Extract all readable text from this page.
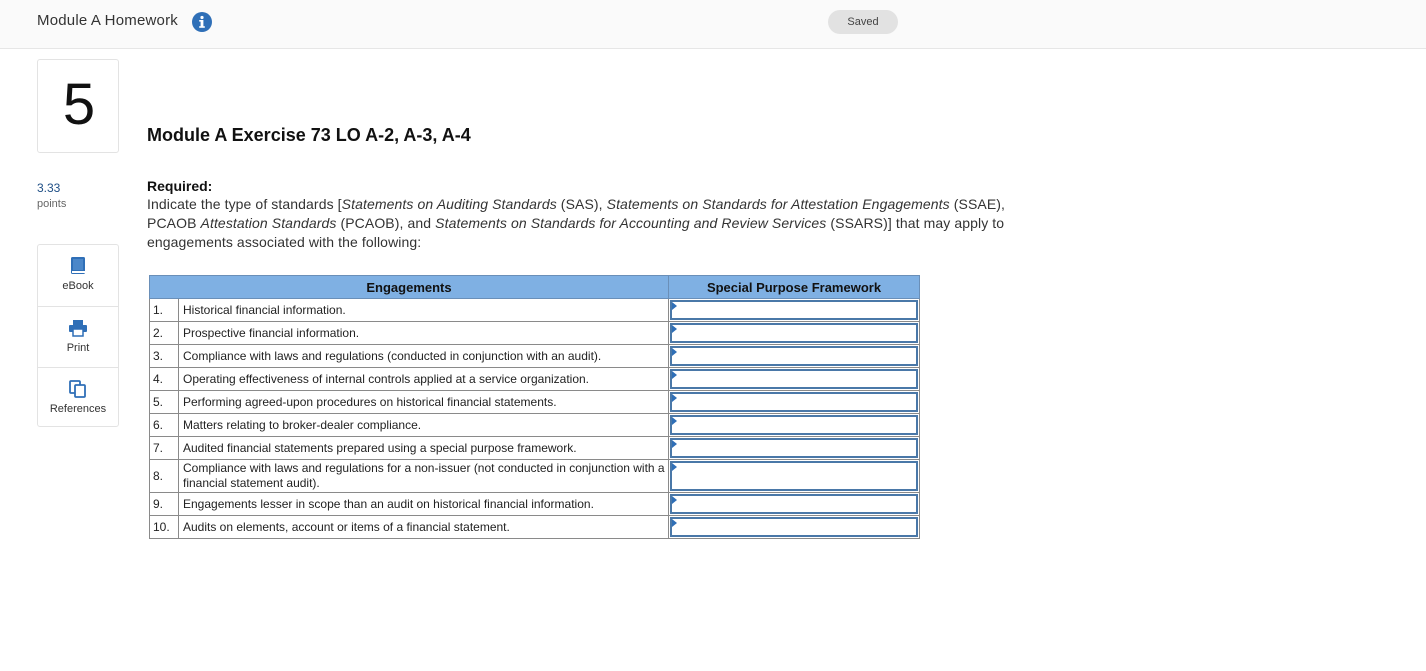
Module A Homework	Saved
5
3.33
points
eBook
Print
References
Module A Exercise 73 LO A-2, A-3, A-4
Required:
Indicate the type of standards [Statements on Auditing Standards (SAS), Statements on Standards for Attestation Engagements (SSAE), PCAOB Attestation Standards (PCAOB), and Statements on Standards for Accounting and Review Services (SSARS)] that may apply to engagements associated with the following:
Engagements		Special Purpose Framework
1.	Historical financial information.	

2.	Prospective financial information.	

3.	Compliance with laws and regulations (conducted in conjunction with an audit).	

4.	Operating effectiveness of internal controls applied at a service organization.	

5.	Performing agreed-upon procedures on historical financial statements.	

6.	Matters relating to broker-dealer compliance.	

7.	Audited financial statements prepared using a special purpose framework.	

8.	Compliance with laws and regulations for a non-issuer (not conducted in conjunction with a financial statement audit).	

9.	Engagements lesser in scope than an audit on historical financial information.	

10.	Audits on elements, account or items of a financial statement.	
